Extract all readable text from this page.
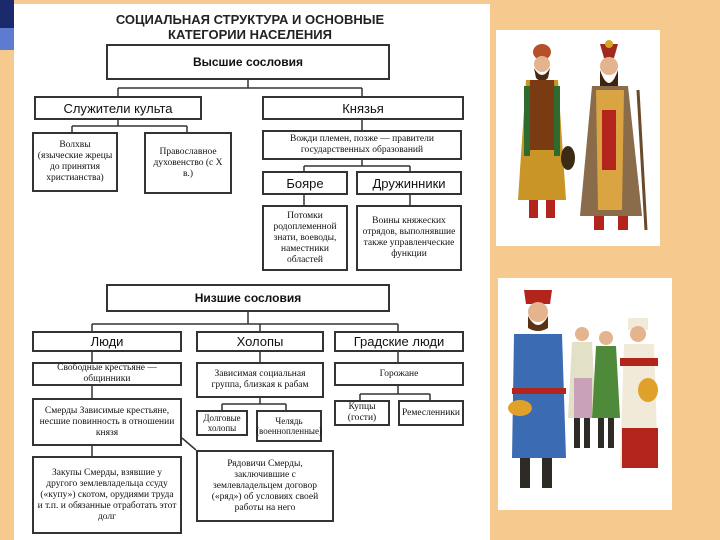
СОЦИАЛЬНАЯ СТРУКТУРА И ОСНОВНЫЕ
КАТЕГОРИИ НАСЕЛЕНИЯ
Высшие сословия
Служители культа	Князья
Волхвы (языческие жрецы до принятия христианства)
Православное духовенство (с X в.)
Вожди племен, позже — правители государственных образований
Бояре	Дружинники
Потомки родоплеменной знати, воеводы, наместники областей
Воины княжеских отрядов, выполнявшие также управленческие функции
Низшие сословия
Люди	Холопы	Градские люди
Свободные крестьяне — общинники
Смерды Зависимые крестьяне, несшие повинность в отношении князя
Закупы Смерды, взявшие у другого землевладельца ссуду («купу») скотом, орудиями труда и т.п. и обязанные отработать этот долг
Рядовичи Смерды, заключившие с землевладельцем договор («ряд») об условиях своей работы на него
Зависимая социальная группа, близкая к рабам
Долговые холопы
Челядь (военнопленные)
Горожане
Купцы (гости)
Ремесленники
